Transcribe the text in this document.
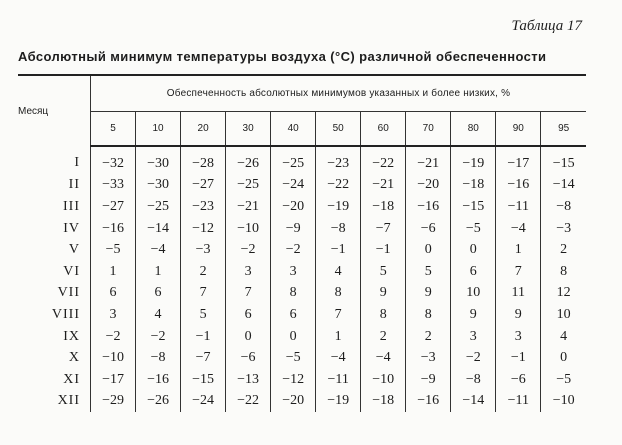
Таблица 17
Абсолютный минимум температуры воздуха (°C) различной обеспеченности
Месяц	Обеспеченность абсолютных минимумов указанных и более низких, %										
	5	10	20	30	40	50	60	70	80	90	95
I	−32	−30	−28	−26	−25	−23	−22	−21	−19	−17	−15
II	−33	−30	−27	−25	−24	−22	−21	−20	−18	−16	−14
III	−27	−25	−23	−21	−20	−19	−18	−16	−15	−11	−8
IV	−16	−14	−12	−10	−9	−8	−7	−6	−5	−4	−3
V	−5	−4	−3	−2	−2	−1	−1	0	0	1	2
VI	1	1	2	3	3	4	5	5	6	7	8
VII	6	6	7	7	8	8	9	9	10	11	12
VIII	3	4	5	6	6	7	8	8	9	9	10
IX	−2	−2	−1	0	0	1	2	2	3	3	4
X	−10	−8	−7	−6	−5	−4	−4	−3	−2	−1	0
XI	−17	−16	−15	−13	−12	−11	−10	−9	−8	−6	−5
XII	−29	−26	−24	−22	−20	−19	−18	−16	−14	−11	−10
